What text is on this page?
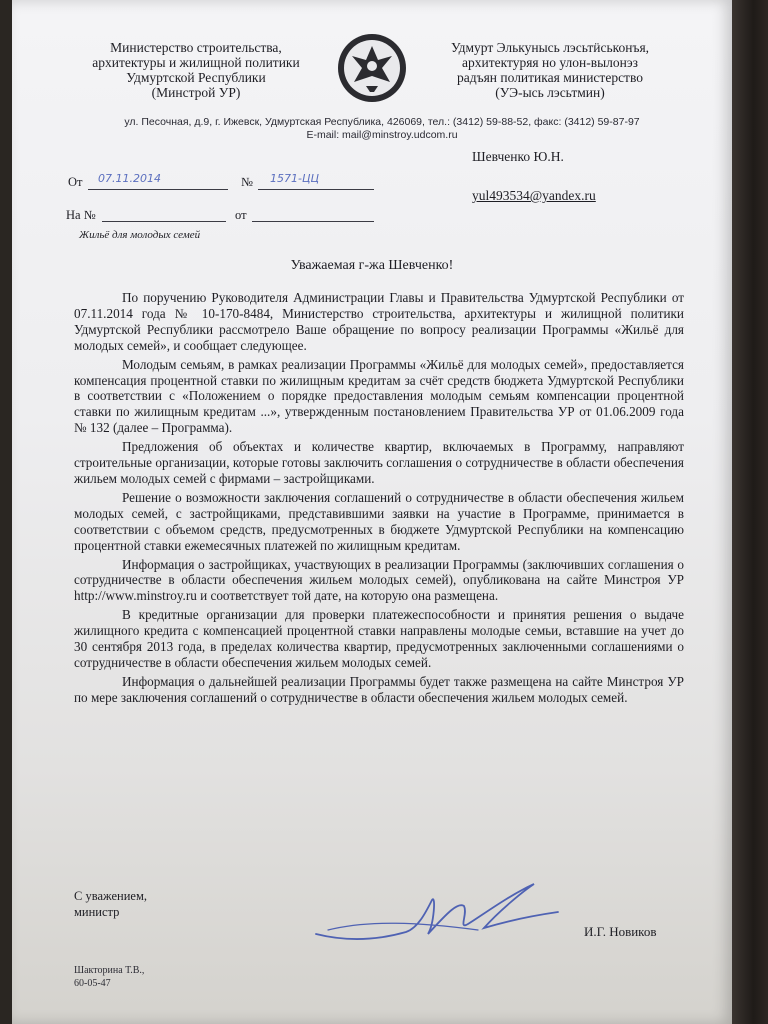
Министерство строительства,
архитектуры и жилищной политики
Удмуртской Республики
(Минстрой УР)
Удмурт Элькунысь лэсьтӥськонъя,
архитектуряя но улон-вылонэз
радъян политикая министерство
(УЭ-ысь лэсьтмин)
ул. Песочная, д.9, г. Ижевск, Удмуртская Республика, 426069, тел.: (3412) 59-88-52, факс: (3412) 59-87-97
E-mail: mail@minstroy.udcom.ru
Шевченко Ю.Н.
yul493534@yandex.ru
От 07.11.2014	№ 1571-ЦЦ
На №	от
Жильё для молодых семей
Уважаемая г-жа Шевченко!

По поручению Руководителя Администрации Главы и Правительства Удмуртской Республики от 07.11.2014 года № 10-170-8484, Министерство строительства, архитектуры и жилищной политики Удмуртской Республики рассмотрело Ваше обращение по вопросу реализации Программы «Жильё для молодых семей», и сообщает следующее.

Молодым семьям, в рамках реализации Программы «Жильё для молодых семей», предоставляется компенсация процентной ставки по жилищным кредитам за счёт средств бюджета Удмуртской Республики в соответствии с «Положением о порядке предоставления молодым семьям компенсации процентной ставки по жилищным кредитам ...», утвержденным постановлением Правительства УР от 01.06.2009 года № 132 (далее – Программа).

Предложения об объектах и количестве квартир, включаемых в Программу, направляют строительные организации, которые готовы заключить соглашения о сотрудничестве в области обеспечения жильем молодых семей с фирмами – застройщиками.

Решение о возможности заключения соглашений о сотрудничестве в области обеспечения жильем молодых семей, с застройщиками, представившими заявки на участие в Программе, принимается в соответствии с объемом средств, предусмотренных в бюджете Удмуртской Республики на компенсацию процентной ставки ежемесячных платежей по жилищным кредитам.

Информация о застройщиках, участвующих в реализации Программы (заключивших соглашения о сотрудничестве в области обеспечения жильем молодых семей), опубликована на сайте Минстроя УР http://www.minstroy.ru и соответствует той дате, на которую она размещена.

В кредитные организации для проверки платежеспособности и принятия решения о выдаче жилищного кредита с компенсацией процентной ставки направлены молодые семьи, вставшие на учет до 30 сентября 2013 года, в пределах количества квартир, предусмотренных заключенными соглашениями о сотрудничестве в области обеспечения жильем молодых семей.

Информация о дальнейшей реализации Программы будет также размещена на сайте Минстроя УР по мере заключения соглашений о сотрудничестве в области обеспечения жильем молодых семей.

С уважением,
министр
И.Г. Новиков
Шакторина Т.В.,
60-05-47
